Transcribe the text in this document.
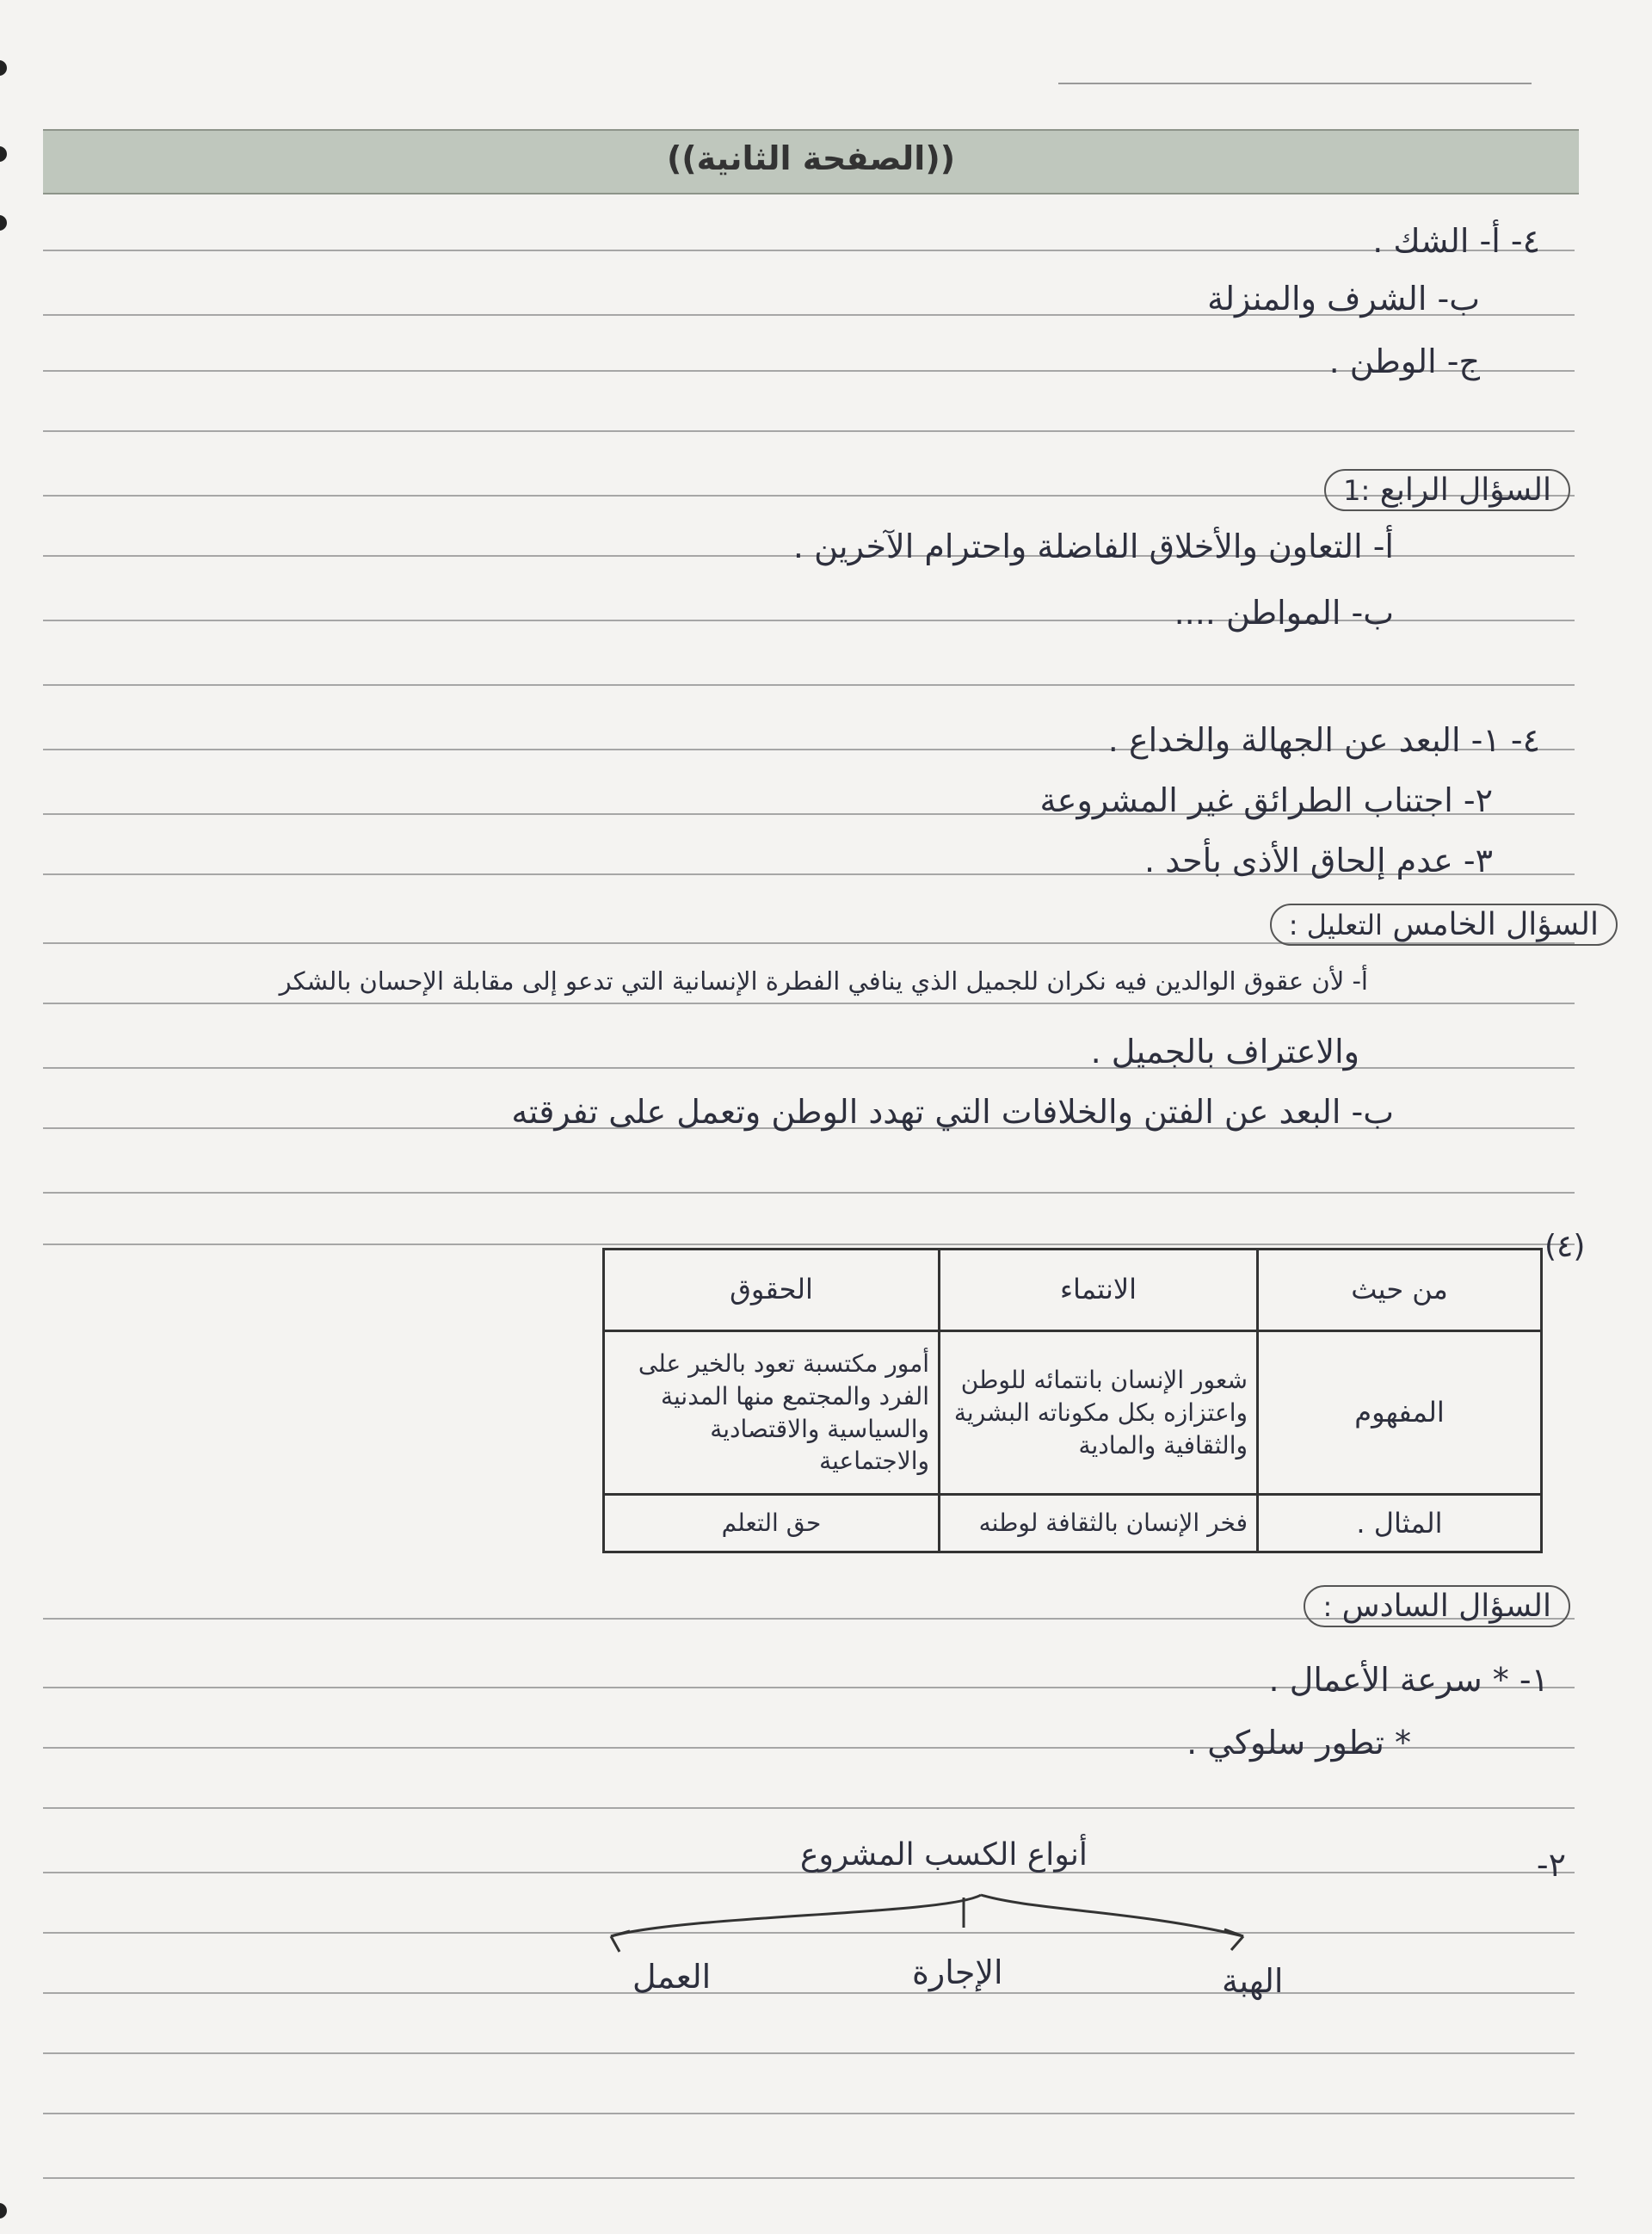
((الصفحة الثانية))
٤- أ- الشك .
ب- الشرف والمنزلة
ج- الوطن .
السؤال الرابع :1
أ- التعاون والأخلاق الفاضلة واحترام الآخرين .
ب- المواطن ....
٤- ١- البعد عن الجهالة والخداع .
٢- اجتناب الطرائق غير المشروعة
٣- عدم إلحاق الأذى بأحد .
السؤال الخامس التعليل :
أ- لأن عقوق الوالدين فيه نكران للجميل الذي ينافي الفطرة الإنسانية التي تدعو إلى مقابلة الإحسان بالشكر
والاعتراف بالجميل .
ب- البعد عن الفتن والخلافات التي تهدد الوطن وتعمل على تفرقته
(٤)
من حيث	الانتماء	الحقوق
المفهوم	شعور الإنسان بانتمائه للوطن واعتزازه بكل مكوناته البشرية والثقافية والمادية	أمور مكتسبة تعود بالخير على الفرد والمجتمع منها المدنية والسياسية والاقتصادية والاجتماعية
المثال .	فخر الإنسان بالثقافة لوطنه	حق التعلم
السؤال السادس :
١- * سرعة الأعمال .
* تطور سلوكي .
٢-
أنواع الكسب المشروع
الهبة
الإجارة
العمل
